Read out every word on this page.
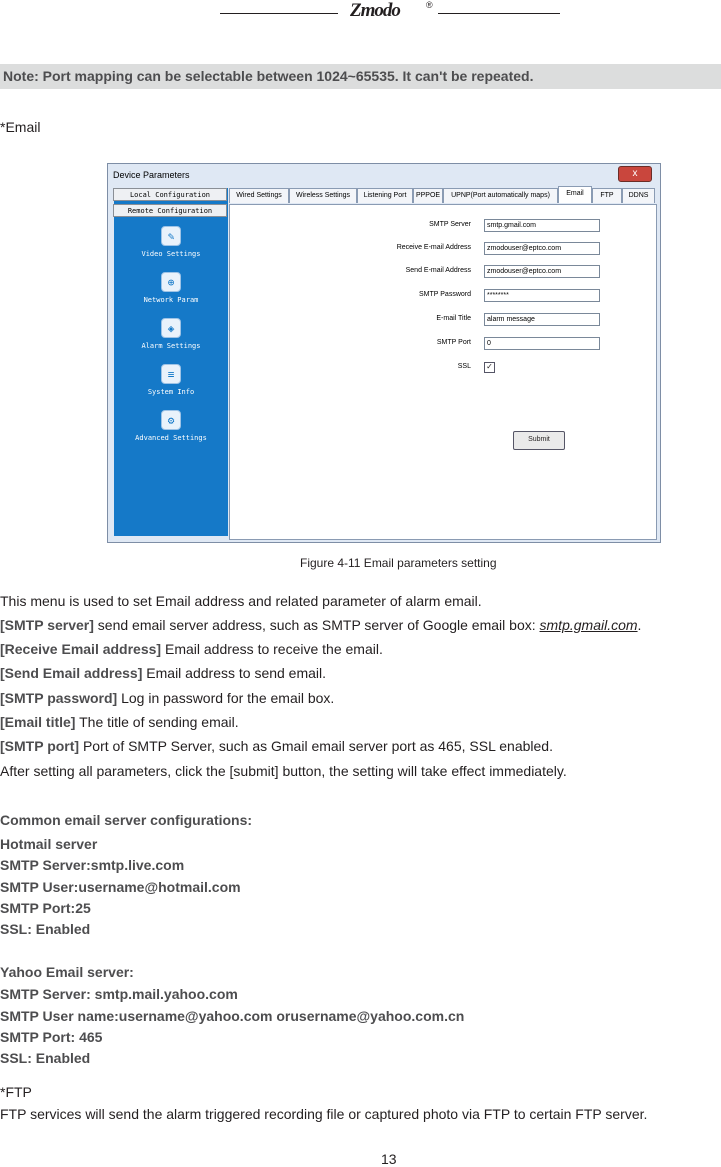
Zmodo	®
Note: Port mapping can be selectable between 1024~65535. It can't be repeated.
*Email
Device Parameters	x
Local Configuration
Remote Configuration
✎
Video Settings
⊕
Network Param
◈
Alarm Settings
≡
System Info
⚙
Advanced Settings
Wired Settings	Wireless Settings	Listening Port	PPPOE	UPNP(Port automatically maps)	Email	FTP	DDNS
SMTP Server	smtp.gmail.com
Receive E-mail Address	zmodouser@eptco.com
Send E-mail Address	zmodouser@eptco.com
SMTP Password	********
E-mail Title	alarm message
SMTP Port	0
SSL ✓
Submit
Figure 4-11 Email parameters setting
This menu is used to set Email address and related parameter of alarm email.
[SMTP server] send email server address, such as SMTP server of Google email box: smtp.gmail.com.
[Receive Email address] Email address to receive the email.
[Send Email address] Email address to send email.
[SMTP password] Log in password for the email box.
[Email title] The title of sending email.
[SMTP port] Port of SMTP Server, such as Gmail email server port as 465, SSL enabled.
After setting all parameters, click the [submit] button, the setting will take effect immediately.
Common email server configurations:
Hotmail server
SMTP Server:smtp.live.com
SMTP User:username@hotmail.com
SMTP Port:25
SSL: Enabled
Yahoo Email server:
SMTP Server: smtp.mail.yahoo.com
SMTP User name:username@yahoo.com orusername@yahoo.com.cn
SMTP Port: 465
SSL: Enabled
*FTP
FTP services will send the alarm triggered recording file or captured photo via FTP to certain FTP server.
13
